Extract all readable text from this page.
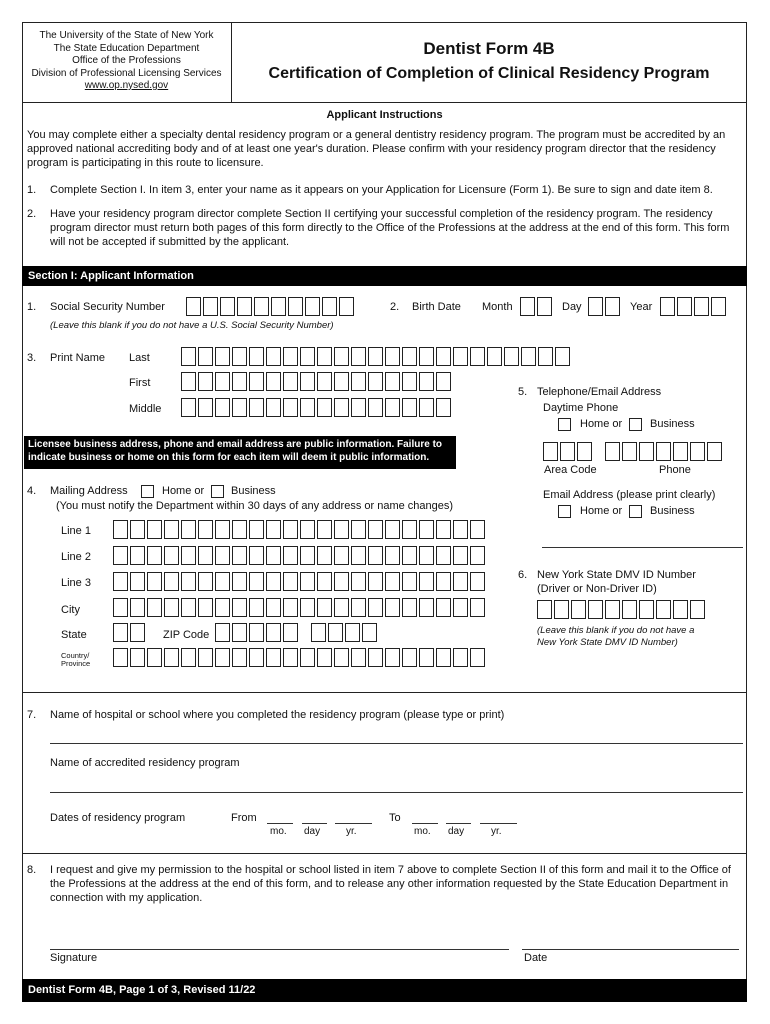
The University of the State of New York
The State Education Department
Office of the Professions
Division of Professional Licensing Services
www.op.nysed.gov
Dentist Form 4B
Certification of Completion of Clinical Residency Program
Applicant Instructions
You may complete either a specialty dental residency program or a general dentistry residency program. The program must be accredited by an approved national accrediting body and of at least one year's duration. Please confirm with your residency program director that the residency program is participating in this route to licensure.
1. Complete Section I. In item 3, enter your name as it appears on your Application for Licensure (Form 1). Be sure to sign and date item 8.
2. Have your residency program director complete Section II certifying your successful completion of the residency program. The residency program director must return both pages of this form directly to the Office of the Professions at the address at the end of this form. This form will not be accepted if submitted by the applicant.
Section I: Applicant Information
1. Social Security Number
(Leave this blank if you do not have a U.S. Social Security Number)
2. Birth Date Month	Day	Year
3. Print Name Last
First
Middle
Licensee business address, phone and email address are public information. Failure to indicate business or home on this form for each item will deem it public information.
5. Telephone/Email Address
Daytime Phone
Home or	Business
Area Code	Phone
Email Address (please print clearly)
Home or	Business
4. Mailing Address	Home or Business
(You must notify the Department within 30 days of any address or name changes)
Line 1
Line 2
Line 3
City
State	ZIP Code
Country/
Province
6. New York State DMV ID Number
(Driver or Non-Driver ID)
(Leave this blank if you do not have a
New York State DMV ID Number)
7. Name of hospital or school where you completed the residency program (please type or print)
Name of accredited residency program
Dates of residency program	From
mo. day	yr.
To
mo. day	yr.
8. I request and give my permission to the hospital or school listed in item 7 above to complete Section II of this form and mail it to the Office of the Professions at the address at the end of this form, and to release any other information requested by the State Education Department in connection with my application.
Signature	Date
Dentist Form 4B, Page 1 of 3, Revised 11/22
